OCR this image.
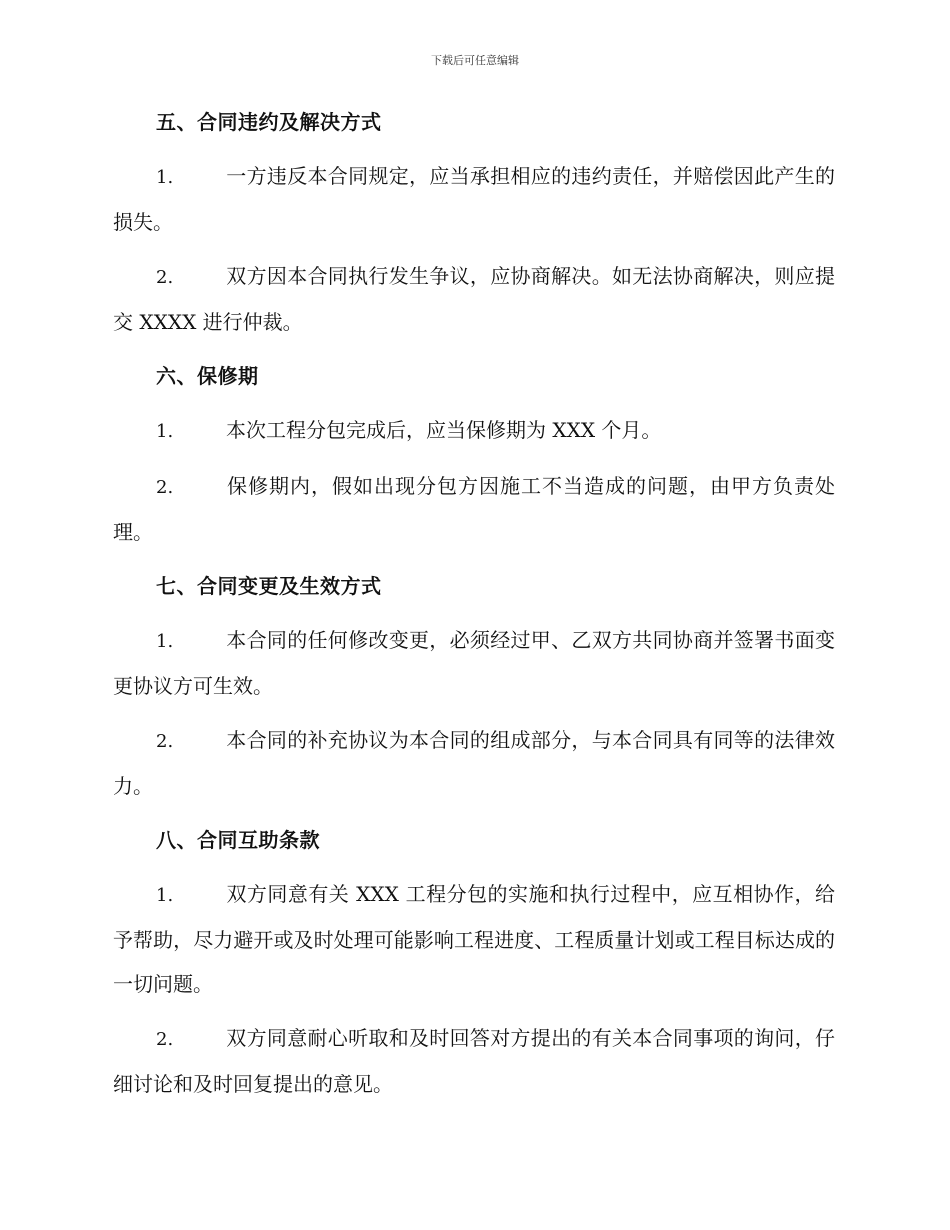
下载后可任意编辑
五、合同违约及解决方式

1.	一方违反本合同规定，应当承担相应的违约责任，并赔偿因此产生的损失。

2.	双方因本合同执行发生争议，应协商解决。如无法协商解决，则应提交 XXXX 进行仲裁。

六、保修期

1.	本次工程分包完成后，应当保修期为 XXX 个月。

2.	保修期内，假如出现分包方因施工不当造成的问题，由甲方负责处理。

七、合同变更及生效方式

1.	本合同的任何修改变更，必须经过甲、乙双方共同协商并签署书面变更协议方可生效。

2.	本合同的补充协议为本合同的组成部分，与本合同具有同等的法律效力。

八、合同互助条款

1.	双方同意有关 XXX 工程分包的实施和执行过程中，应互相协作，给予帮助，尽力避开或及时处理可能影响工程进度、工程质量计划或工程目标达成的一切问题。

2.	双方同意耐心听取和及时回答对方提出的有关本合同事项的询问，仔细讨论和及时回复提出的意见。
